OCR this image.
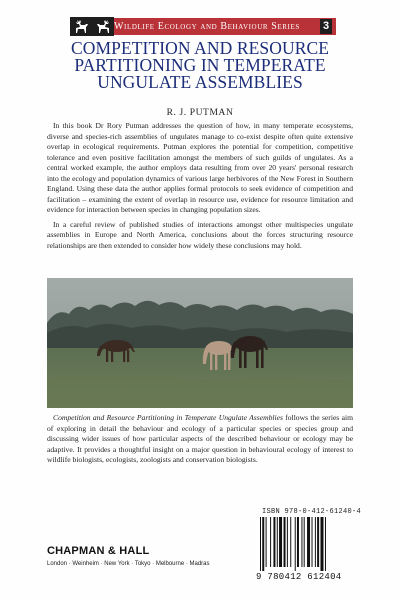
Wildlife Ecology and Behaviour Series 3
COMPETITION AND RESOURCE
PARTITIONING IN TEMPERATE
UNGULATE ASSEMBLIES
R. J. PUTMAN

In this book Dr Rory Putman addresses the question of how, in many temperate ecosystems, diverse and species-rich assemblies of ungulates manage to co-exist despite often quite extensive overlap in ecological requirements. Putman explores the potential for competition, competitive tolerance and even positive facilitation amongst the members of such guilds of ungulates. As a central worked example, the author employs data resulting from over 20 years' personal research into the ecology and population dynamics of various large herbivores of the New Forest in Southern England. Using these data the author applies formal protocols to seek evidence of competition and facilitation – examining the extent of overlap in resource use, evidence for resource limitation and evidence for interaction between species in changing population sizes.

In a careful review of published studies of interactions amongst other multispecies ungulate assemblies in Europe and North America, conclusions about the forces structuring resource relationships are then extended to consider how widely these conclusions may hold.

Competition and Resource Partitioning in Temperate Ungulate Assemblies follows the series aim of exploring in detail the behaviour and ecology of a particular species or species group and discussing wider issues of how particular aspects of the described behaviour or ecology may be adaptive. It provides a thoughtful insight on a major question in behavioural ecology of interest to wildlife biologists, ecologists, zoologists and conservation biologists.

ISBN 978-0-412-61240-4
9 780412 612404
CHAPMAN & HALL
London · Weinheim · New York · Tokyo · Melbourne · Madras
